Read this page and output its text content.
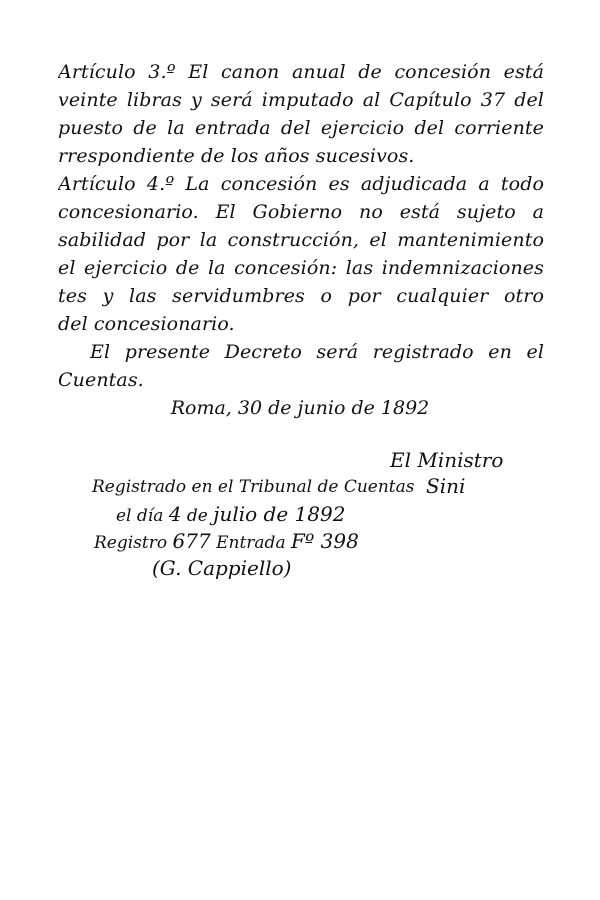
Artículo 3.º El canon anual de concesión está
veinte libras y será imputado al Capítulo 37 del
puesto de la entrada del ejercicio del corriente
rrespondiente de los años sucesivos.
Artículo 4.º La concesión es adjudicada a todo
concesionario. El Gobierno no está sujeto a
sabilidad por la construcción, el mantenimiento
el ejercicio de la concesión: las indemnizaciones
tes y las servidumbres o por cualquier otro
del concesionario.
El presente Decreto será registrado en el
Cuentas.
Roma, 30 de junio de 1892
El Ministro
Sini
Registrado en el Tribunal de Cuentas
el día 4 de julio de 1892
Registro 677 Entrada Fº 398
(G. Cappiello)
